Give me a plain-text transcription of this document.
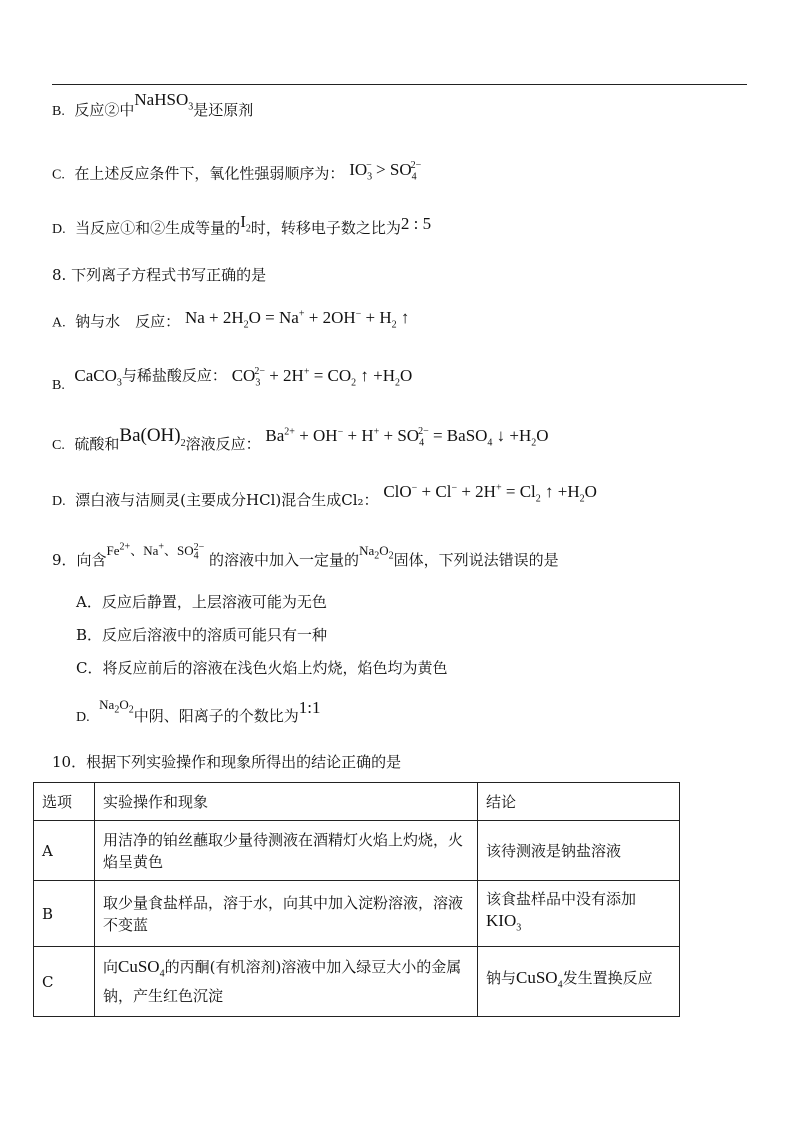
B. 反应②中NaHSO$_3$是还原剂
C. 在上述反应条件下，氧化性强弱顺序为： $IO_3^- > SO_4^{2-}$
D. 当反应①和②生成等量的$I_2$时，转移电子数之比为2 : 5
8. 下列离子方程式书写正确的是
A. 钠与水　反应： $Na + 2H_2O = Na^+ + 2OH^- + H_2$ ↑
B.  CaCO$_3$与稀盐酸反应： $CO_3^{2-} + 2H^+ = CO_2$ ↑ $+H_2O$
C. 硫酸和$Ba(OH)_2$溶液反应： $Ba^{2+} + OH^- + H^+ + SO_4^{2-}$ = BaSO$_4$ ↓ $+H_2O$
D. 漂白液与洁厕灵(主要成分HCl)混合生成Cl₂： $ClO^- + Cl^- + 2H^+ = Cl_2$ ↑ $+H_2O$
9．向含$Fe^{2+}$、Na+、$SO_4^{2-}$ 的溶液中加入一定量的$Na_2O_2$固体，下列说法错误的是
A．反应后静置，上层溶液可能为无色
B．反应后溶液中的溶质可能只有一种
C．将反应前后的溶液在浅色火焰上灼烧，焰色均为黄色
D.  $Na_2O_2$中阴、阳离子的个数比为1:1
10．根据下列实验操作和现象所得出的结论正确的是
选项	实验操作和现象	结论
A	用洁净的铂丝蘸取少量待测液在酒精灯火焰上灼烧，火焰呈黄色	该待测液是钠盐溶液
B	取少量食盐样品，溶于水，向其中加入淀粉溶液，溶液不变蓝	该食盐样品中没有添加
$KIO_3$
C	向CuSO$_4$的丙酮(有机溶剂)溶液中加入绿豆大小的金属钠，产生红色沉淀	钠与CuSO$_4$发生置换反应
